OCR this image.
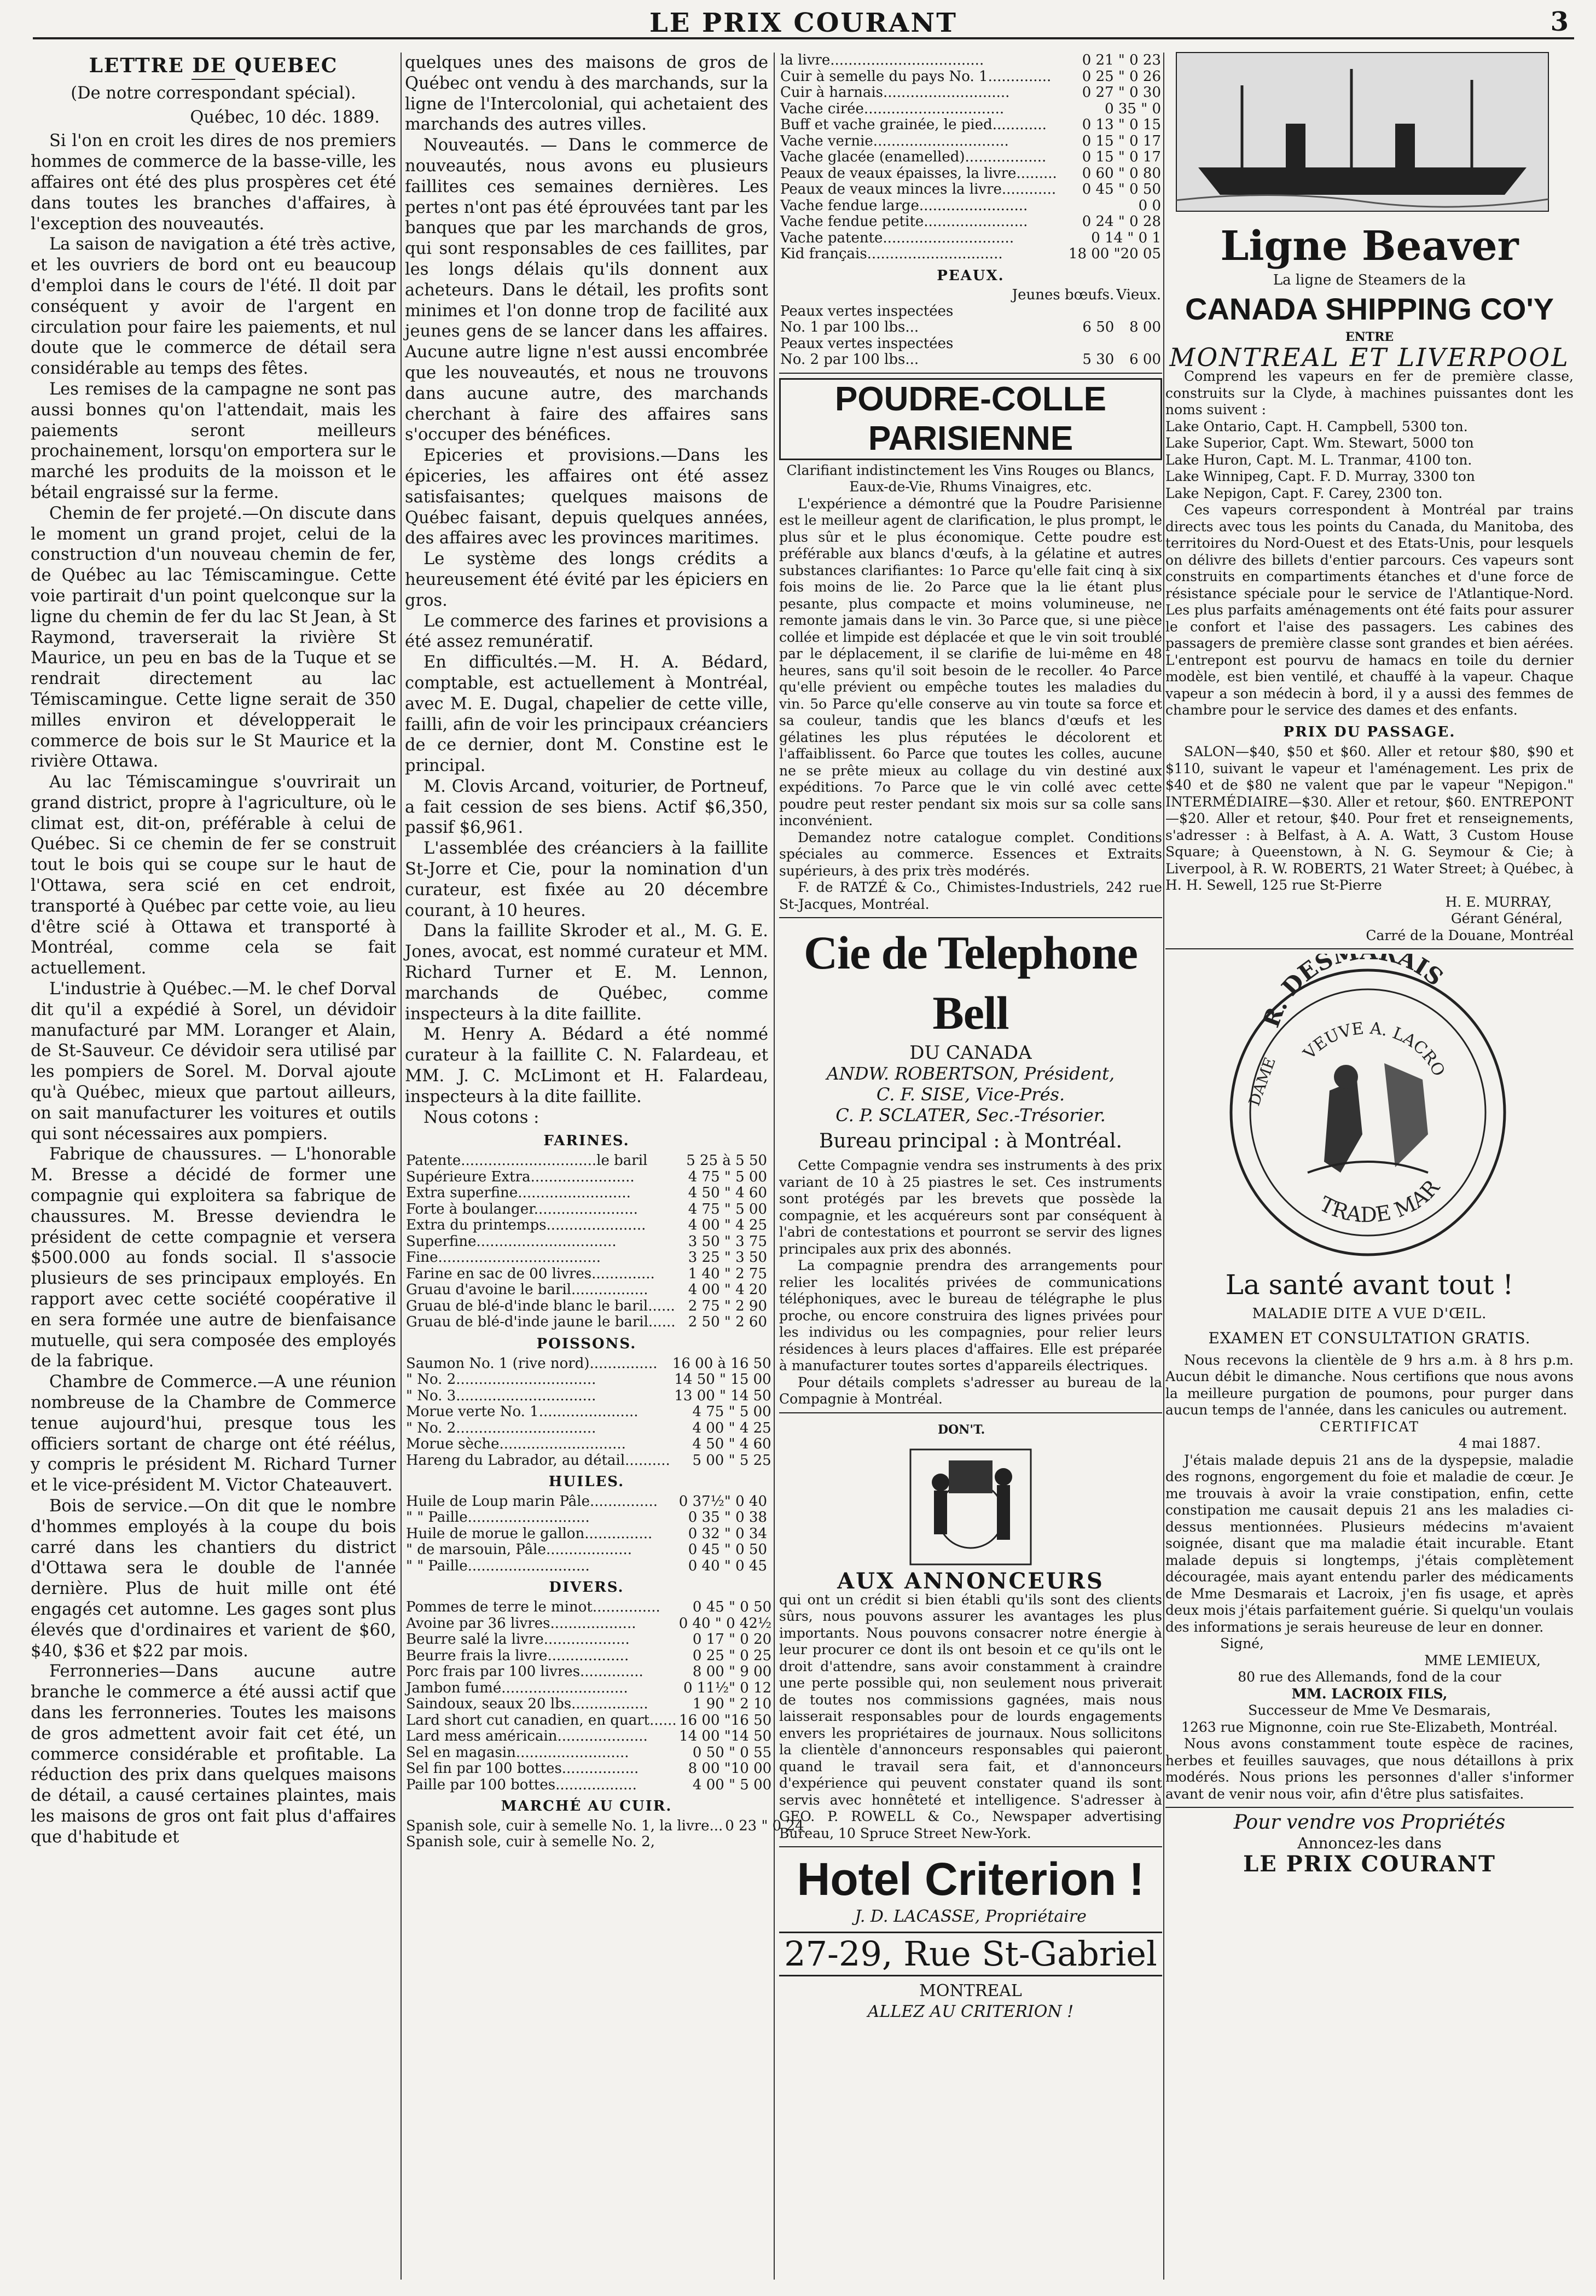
LE PRIX COURANT	3
LETTRE DE QUEBEC
(De notre correspondant spécial).
Québec, 10 déc. 1889.

Si l'on en croit les dires de nos premiers hommes de commerce de la basse-ville, les affaires ont été des plus prospères cet été dans toutes les branches d'affaires, à l'exception des nouveautés.

La saison de navigation a été très active, et les ouvriers de bord ont eu beaucoup d'emploi dans le cours de l'été. Il doit par conséquent y avoir de l'argent en circulation pour faire les paiements, et nul doute que le commerce de détail sera considérable au temps des fêtes.

Les remises de la campagne ne sont pas aussi bonnes qu'on l'attendait, mais les paiements seront meilleurs prochainement, lorsqu'on emportera sur le marché les produits de la moisson et le bétail engraissé sur la ferme.

Chemin de fer projeté.—On discute dans le moment un grand projet, celui de la construction d'un nouveau chemin de fer, de Québec au lac Témiscamingue. Cette voie partirait d'un point quelconque sur la ligne du chemin de fer du lac St Jean, à St Raymond, traverserait la rivière St Maurice, un peu en bas de la Tuque et se rendrait directement au lac Témiscamingue. Cette ligne serait de 350 milles environ et développerait le commerce de bois sur le St Maurice et la rivière Ottawa.

Au lac Témiscamingue s'ouvrirait un grand district, propre à l'agriculture, où le climat est, dit-on, préférable à celui de Québec. Si ce chemin de fer se construit tout le bois qui se coupe sur le haut de l'Ottawa, sera scié en cet endroit, transporté à Québec par cette voie, au lieu d'être scié à Ottawa et transporté à Montréal, comme cela se fait actuellement.

L'industrie à Québec.—M. le chef Dorval dit qu'il a expédié à Sorel, un dévidoir manufacturé par MM. Loranger et Alain, de St-Sauveur. Ce dévidoir sera utilisé par les pompiers de Sorel. M. Dorval ajoute qu'à Québec, mieux que partout ailleurs, on sait manufacturer les voitures et outils qui sont nécessaires aux pompiers.

Fabrique de chaussures. — L'honorable M. Bresse a décidé de former une compagnie qui exploitera sa fabrique de chaussures. M. Bresse deviendra le président de cette compagnie et versera $500.000 au fonds social. Il s'associe plusieurs de ses principaux employés. En rapport avec cette société coopérative il en sera formée une autre de bienfaisance mutuelle, qui sera composée des employés de la fabrique.

Chambre de Commerce.—A une réunion nombreuse de la Chambre de Commerce tenue aujourd'hui, presque tous les officiers sortant de charge ont été réélus, y compris le président M. Richard Turner et le vice-président M. Victor Chateauvert.

Bois de service.—On dit que le nombre d'hommes employés à la coupe du bois carré dans les chantiers du district d'Ottawa sera le double de l'année dernière. Plus de huit mille ont été engagés cet automne. Les gages sont plus élevés que d'ordinaires et varient de $60, $40, $36 et $22 par mois.

Ferronneries—Dans aucune autre branche le commerce a été aussi actif que dans les ferronneries. Toutes les maisons de gros admettent avoir fait cet été, un commerce considérable et profitable. La réduction des prix dans quelques maisons de détail, a causé certaines plaintes, mais les maisons de gros ont fait plus d'affaires que d'habitude et

quelques unes des maisons de gros de Québec ont vendu à des marchands, sur la ligne de l'Intercolonial, qui achetaient des marchands des autres villes.

Nouveautés. — Dans le commerce de nouveautés, nous avons eu plusieurs faillites ces semaines dernières. Les pertes n'ont pas été éprouvées tant par les banques que par les marchands de gros, qui sont responsables de ces faillites, par les longs délais qu'ils donnent aux acheteurs. Dans le détail, les profits sont minimes et l'on donne trop de facilité aux jeunes gens de se lancer dans les affaires. Aucune autre ligne n'est aussi encombrée que les nouveautés, et nous ne trouvons dans aucune autre, des marchands cherchant à faire des affaires sans s'occuper des bénéfices.

Epiceries et provisions.—Dans les épiceries, les affaires ont été assez satisfaisantes; quelques maisons de Québec faisant, depuis quelques années, des affaires avec les provinces maritimes.

Le système des longs crédits a heureusement été évité par les épiciers en gros.

Le commerce des farines et provisions a été assez remunératif.

En difficultés.—M. H. A. Bédard, comptable, est actuellement à Montréal, avec M. E. Dugal, chapelier de cette ville, failli, afin de voir les principaux créanciers de ce dernier, dont M. Constine est le principal.

M. Clovis Arcand, voiturier, de Portneuf, a fait cession de ses biens. Actif $6,350, passif $6,961.

L'assemblée des créanciers à la faillite St-Jorre et Cie, pour la nomination d'un curateur, est fixée au 20 décembre courant, à 10 heures.

Dans la faillite Skroder et al., M. G. E. Jones, avocat, est nommé curateur et MM. Richard Turner et E. M. Lennon, marchands de Québec, comme inspecteurs à la dite faillite.

M. Henry A. Bédard a été nommé curateur à la faillite C. N. Falardeau, et MM. J. C. McLimont et H. Falardeau, inspecteurs à la dite faillite.

Nous cotons :

FARINES.
Patente..............................le baril	5 25 à 5 50
Supérieure Extra.......................	4 75 " 5 00
Extra superfine.........................	4 50 " 4 60
Forte à boulanger.......................	4 75 " 5 00
Extra du printemps......................	4 00 " 4 25
Superfine...............................	3 50 " 3 75
Fine....................................	3 25 " 3 50
Farine en sac de 00 livres..............	1 40 " 2 75
Gruau d'avoine le baril.................	4 00 " 4 20
Gruau de blé-d'inde blanc le baril......	2 75 " 2 90
Gruau de blé-d'inde jaune le baril......	2 50 " 2 60
POISSONS.
Saumon No. 1 (rive nord)...............	16 00 à 16 50
" No. 2...............................	14 50 " 15 00
" No. 3...............................	13 00 " 14 50
Morue verte No. 1......................	4 75 " 5 00
" No. 2...............................	4 00 " 4 25
Morue sèche............................	4 50 " 4 60
Hareng du Labrador, au détail..........	5 00 " 5 25
HUILES.
Huile de Loup marin Pâle...............	0 37½" 0 40
" " Paille...........................	0 35 " 0 38
Huile de morue le gallon...............	0 32 " 0 34
" de marsouin, Pâle...................	0 45 " 0 50
" " Paille...........................	0 40 " 0 45
DIVERS.
Pommes de terre le minot...............	0 45 " 0 50
Avoine par 36 livres...................	0 40 " 0 42½
Beurre salé la livre...................	0 17 " 0 20
Beurre frais la livre..................	0 25 " 0 25
Porc frais par 100 livres..............	8 00 " 9 00
Jambon fumé............................	0 11½" 0 12
Saindoux, seaux 20 lbs.................	1 90 " 2 10
Lard short cut canadien, en quart......	16 00 "16 50
Lard mess américain....................	14 00 "14 50
Sel en magasin.........................	0 50 " 0 55
Sel fin par 100 bottes.................	8 00 "10 00
Paille par 100 bottes..................	4 00 " 5 00
MARCHÉ AU CUIR.
Spanish sole, cuir à semelle No. 1, la livre...	0 23 " 0 24
Spanish sole, cuir à semelle No. 2,	
la livre..................................	0 21 " 0 23
Cuir à semelle du pays No. 1..............	0 25 " 0 26
Cuir à harnais............................	0 27 " 0 30
Vache cirée...............................	0 35 " 0
Buff et vache grainée, le pied............	0 13 " 0 15
Vache vernie..............................	0 15 " 0 17
Vache glacée (enamelled)..................	0 15 " 0 17
Peaux de veaux épaisses, la livre.........	0 60 " 0 80
Peaux de veaux minces la livre............	0 45 " 0 50
Vache fendue large........................	0 0
Vache fendue petite.......................	0 24 " 0 28
Vache patente.............................	0 14 " 0 1
Kid français..............................	18 00 "20 05
PEAUX.
	Jeunes bœufs.	Vieux.
Peaux vertes inspectées		
No. 1 par 100 lbs...	6 50	8 00
Peaux vertes inspectées		
No. 2 par 100 lbs...	5 30	6 00
POUDRE-COLLE PARISIENNE
Clarifiant indistinctement les Vins Rouges ou Blancs, Eaux-de-Vie, Rhums Vinaigres, etc.

L'expérience a démontré que la Poudre Parisienne est le meilleur agent de clarification, le plus prompt, le plus sûr et le plus économique. Cette poudre est préférable aux blancs d'œufs, à la gélatine et autres substances clarifiantes: 1o Parce qu'elle fait cinq à six fois moins de lie. 2o Parce que la lie étant plus pesante, plus compacte et moins volumineuse, ne remonte jamais dans le vin. 3o Parce que, si une pièce collée et limpide est déplacée et que le vin soit troublé par le déplacement, il se clarifie de lui-même en 48 heures, sans qu'il soit besoin de le recoller. 4o Parce qu'elle prévient ou empêche toutes les maladies du vin. 5o Parce qu'elle conserve au vin toute sa force et sa couleur, tandis que les blancs d'œufs et les gélatines les plus réputées le décolorent et l'affaiblissent. 6o Parce que toutes les colles, aucune ne se prête mieux au collage du vin destiné aux expéditions. 7o Parce que le vin collé avec cette poudre peut rester pendant six mois sur sa colle sans inconvénient.

Demandez notre catalogue complet. Conditions spéciales au commerce. Essences et Extraits supérieurs, à des prix très modérés.

F. de RATZÉ & Co., Chimistes-Industriels, 242 rue St-Jacques, Montréal.

Cie de Telephone Bell
DU CANADA
ANDW. ROBERTSON, Président,
C. F. SISE, Vice-Prés.
C. P. SCLATER, Sec.-Trésorier.
Bureau principal : à Montréal.

Cette Compagnie vendra ses instruments à des prix variant de 10 à 25 piastres le set. Ces instruments sont protégés par les brevets que possède la compagnie, et les acquéreurs sont par conséquent à l'abri de contestations et pourront se servir des lignes principales aux prix des abonnés.

La compagnie prendra des arrangements pour relier les localités privées de communications téléphoniques, avec le bureau de télégraphe le plus proche, ou encore construira des lignes privées pour les individus ou les compagnies, pour relier leurs résidences à leurs places d'affaires. Elle est préparée à manufacturer toutes sortes d'appareils électriques.

Pour détails complets s'adresser au bureau de la Compagnie à Montréal.

DON'T.
AUX ANNONCEURS

qui ont un crédit si bien établi qu'ils sont des clients sûrs, nous pouvons assurer les avantages les plus importants. Nous pouvons consacrer notre énergie à leur procurer ce dont ils ont besoin et ce qu'ils ont le droit d'attendre, sans avoir constamment à craindre une perte possible qui, non seulement nous priverait de toutes nos commissions gagnées, mais nous laisserait responsables pour de lourds engagements envers les propriétaires de journaux. Nous sollicitons la clientèle d'annonceurs responsables qui paieront quand le travail sera fait, et d'annonceurs d'expérience qui peuvent constater quand ils sont servis avec honnêteté et intelligence. S'adresser à GEO. P. ROWELL & Co., Newspaper advertising Bureau, 10 Spruce Street New-York.

Hotel Criterion !
J. D. LACASSE, Propriétaire
27-29, Rue St-Gabriel
MONTREAL
ALLEZ AU CRITERION !
Ligne Beaver
La ligne de Steamers de la
CANADA SHIPPING CO'Y
ENTRE
MONTREAL ET LIVERPOOL

Comprend les vapeurs en fer de première classe, construits sur la Clyde, à machines puissantes dont les noms suivent :

Lake Ontario, Capt. H. Campbell, 5300 ton.
Lake Superior, Capt. Wm. Stewart, 5000 ton
Lake Huron, Capt. M. L. Tranmar, 4100 ton.
Lake Winnipeg, Capt. F. D. Murray, 3300 ton
Lake Nepigon, Capt. F. Carey, 2300 ton.

Ces vapeurs correspondent à Montréal par trains directs avec tous les points du Canada, du Manitoba, des territoires du Nord-Ouest et des Etats-Unis, pour lesquels on délivre des billets d'entier parcours. Ces vapeurs sont construits en compartiments étanches et d'une force de résistance spéciale pour le service de l'Atlantique-Nord. Les plus parfaits aménagements ont été faits pour assurer le confort et l'aise des passagers. Les cabines des passagers de première classe sont grandes et bien aérées. L'entrepont est pourvu de hamacs en toile du dernier modèle, est bien ventilé, et chauffé à la vapeur. Chaque vapeur a son médecin à bord, il y a aussi des femmes de chambre pour le service des dames et des enfants.

PRIX DU PASSAGE.

SALON—$40, $50 et $60. Aller et retour $80, $90 et $110, suivant le vapeur et l'aménagement. Les prix de $40 et de $80 ne valent que par le vapeur "Nepigon." INTERMÉDIAIRE—$30. Aller et retour, $60. ENTREPONT—$20. Aller et retour, $40. Pour fret et renseignements, s'adresser : à Belfast, à A. A. Watt, 3 Custom House Square; à Queenstown, à N. G. Seymour & Cie; à Liverpool, à R. W. ROBERTS, 21 Water Street; à Québec, à H. H. Sewell, 125 rue St-Pierre

H. E. MURRAY,
Gérant Général,
Carré de la Douane, Montréal
R. DESM AIS
VEUVE A. LACRO
DAME
TRADE MAR
La santé avant tout !
MALADIE DITE A VUE D'ŒIL.
EXAMEN ET CONSULTATION GRATIS.

Nous recevons la clientèle de 9 hrs a.m. à 8 hrs p.m. Aucun débit le dimanche. Nous certifions que nous avons la meilleure purgation de poumons, pour purger dans aucun temps de l'année, dans les canicules ou autrement.

CERTIFICAT
4 mai 1887.

J'étais malade depuis 21 ans de la dyspepsie, maladie des rognons, engorgement du foie et maladie de cœur. Je me trouvais à avoir la vraie constipation, enfin, cette constipation me causait depuis 21 ans les maladies ci-dessus mentionnées. Plusieurs médecins m'avaient soignée, disant que ma maladie était incurable. Etant malade depuis si longtemps, j'étais complètement découragée, mais ayant entendu parler des médicaments de Mme Desmarais et Lacroix, j'en fis usage, et après deux mois j'étais parfaitement guérie. Si quelqu'un voulais des informations je serais heureuse de leur en donner.

Signé,
MME LEMIEUX,
80 rue des Allemands, fond de la cour
MM. LACROIX FILS,
Successeur de Mme Ve Desmarais,
1263 rue Mignonne, coin rue Ste-Elizabeth, Montréal.

Nous avons constamment toute espèce de racines, herbes et feuilles sauvages, que nous détaillons à prix modérés. Nous prions les personnes d'aller s'informer avant de venir nous voir, afin d'être plus satisfaites.

Pour vendre vos Propriétés
Annoncez-les dans
LE PRIX COURANT
